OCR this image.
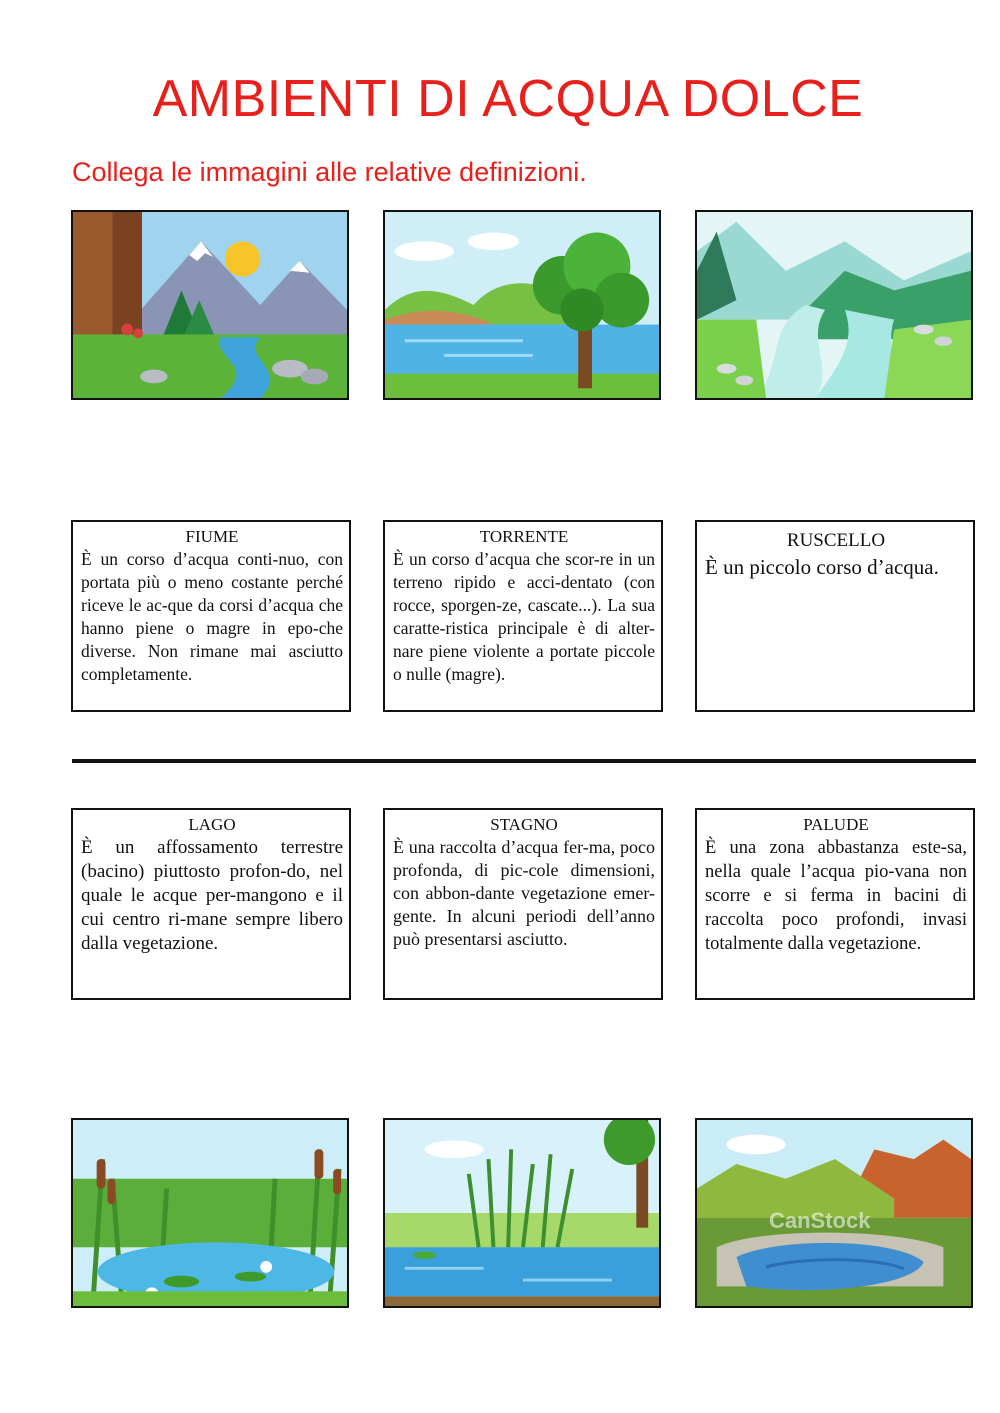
AMBIENTI DI ACQUA DOLCE
Collega le immagini alle relative definizioni.
FIUME
È un corso d’acqua conti-nuo, con portata più o meno costante perché riceve le ac-que da corsi d’acqua che hanno piene o magre in epo-che diverse. Non rimane mai asciutto completamente.
TORRENTE
È un corso d’acqua che scor-re in un terreno ripido e acci-dentato (con rocce, sporgen-ze, cascate...). La sua caratte-ristica principale è di alter-nare piene violente a portate piccole o nulle (magre).
RUSCELLO
È un piccolo corso d’acqua.
LAGO
È un affossamento terrestre (bacino) piuttosto profon-do, nel quale le acque per-mangono e il cui centro ri-mane sempre libero dalla vegetazione.
STAGNO
È una raccolta d’acqua fer-ma, poco profonda, di pic-cole dimensioni, con abbon-dante vegetazione emer-gente. In alcuni periodi dell’anno può presentarsi asciutto.
PALUDE
È una zona abbastanza este-sa, nella quale l’acqua pio-vana non scorre e si ferma in bacini di raccolta poco profondi, invasi totalmente dalla vegetazione.
CanStock
